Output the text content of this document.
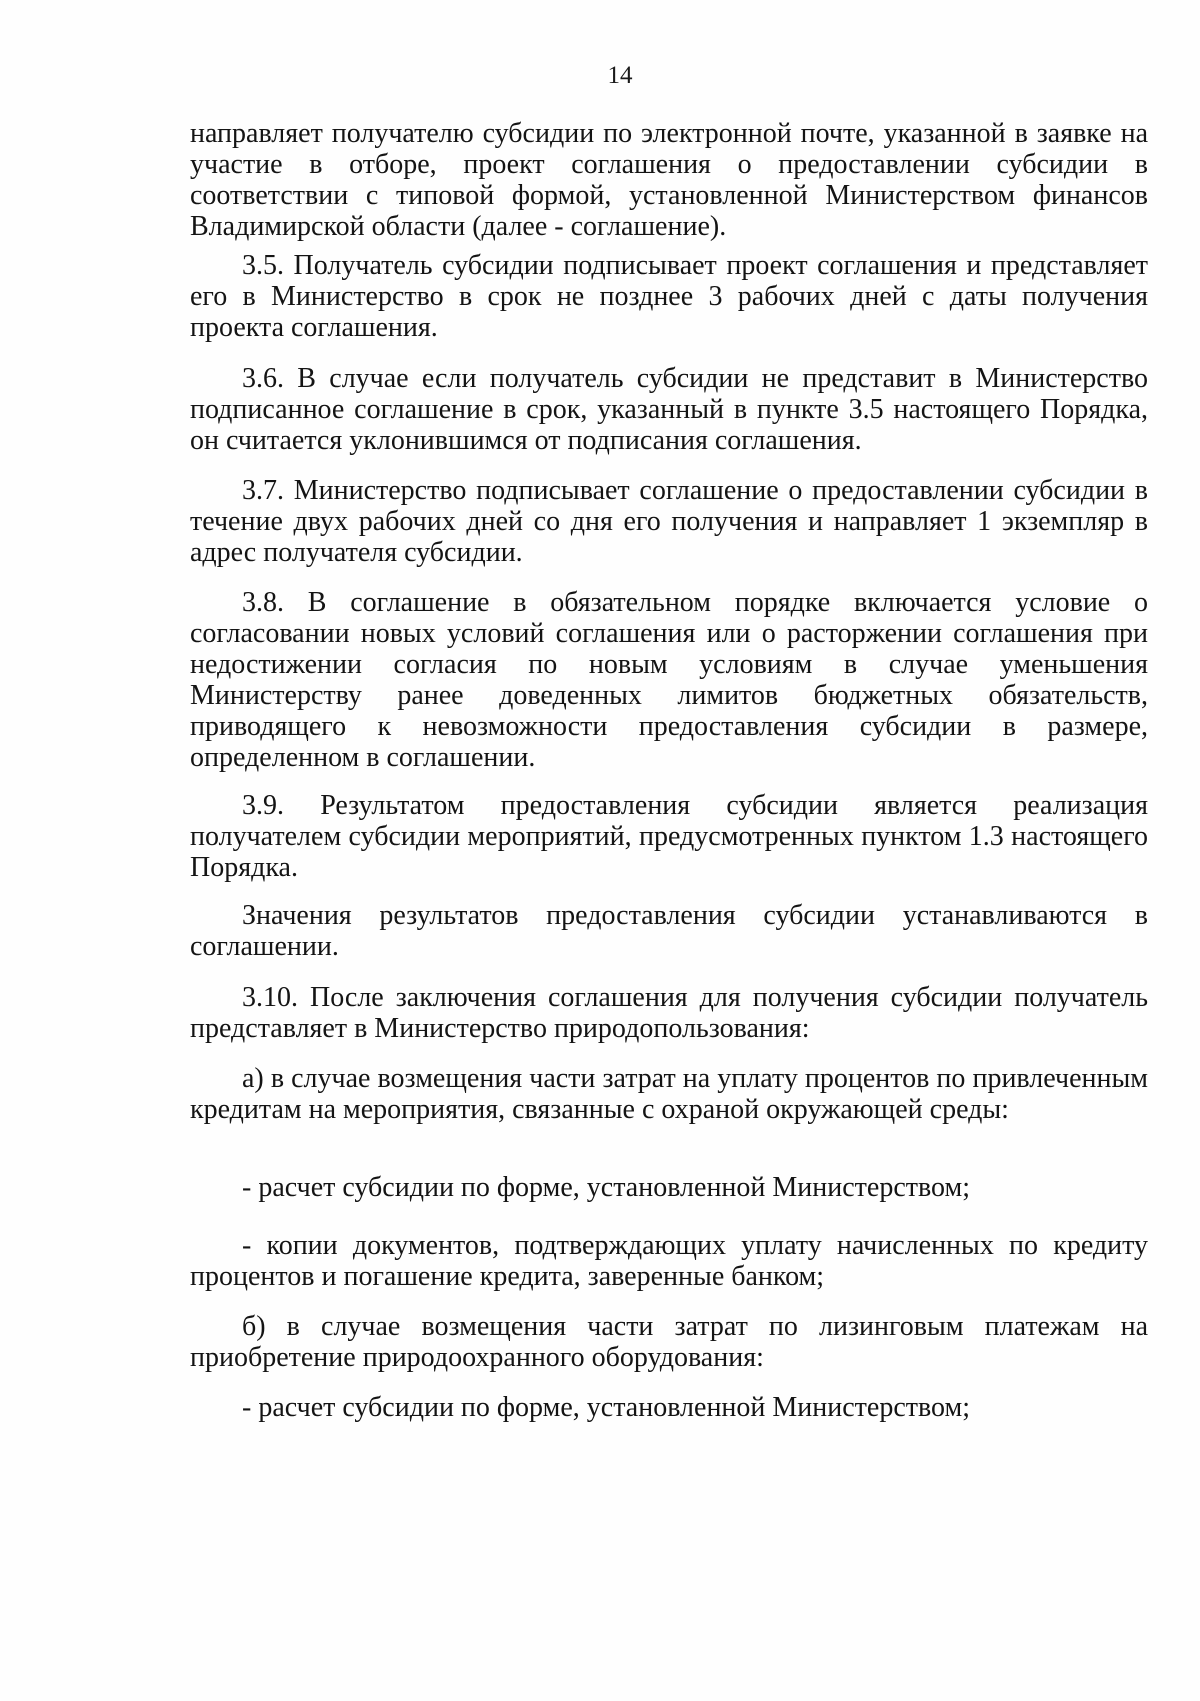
14

направляет получателю субсидии по электронной почте, указанной в заявке на участие в отборе, проект соглашения о предоставлении субсидии в соответствии с типовой формой, установленной Министерством финансов Владимирской области (далее - соглашение).

3.5. Получатель субсидии подписывает проект соглашения и представляет его в Министерство в срок не позднее 3 рабочих дней с даты получения проекта соглашения.

3.6. В случае если получатель субсидии не представит в Министерство подписанное соглашение в срок, указанный в пункте 3.5 настоящего Порядка, он считается уклонившимся от подписания соглашения.

3.7. Министерство подписывает соглашение о предоставлении субсидии в течение двух рабочих дней со дня его получения и направляет 1 экземпляр в адрес получателя субсидии.

3.8. В соглашение в обязательном порядке включается условие о согласовании новых условий соглашения или о расторжении соглашения при недостижении согласия по новым условиям в случае уменьшения Министерству ранее доведенных лимитов бюджетных обязательств, приводящего к невозможности предоставления субсидии в размере, определенном в соглашении.

3.9. Результатом предоставления субсидии является реализация получателем субсидии мероприятий, предусмотренных пунктом 1.3 настоящего Порядка.

Значения результатов предоставления субсидии устанавливаются в соглашении.

3.10. После заключения соглашения для получения субсидии получатель представляет в Министерство природопользования:

а) в случае возмещения части затрат на уплату процентов по привлеченным кредитам на мероприятия, связанные с охраной окружающей среды:

- расчет субсидии по форме, установленной Министерством;

- копии документов, подтверждающих уплату начисленных по кредиту процентов и погашение кредита, заверенные банком;

б) в случае возмещения части затрат по лизинговым платежам на приобретение природоохранного оборудования:

- расчет субсидии по форме, установленной Министерством;
